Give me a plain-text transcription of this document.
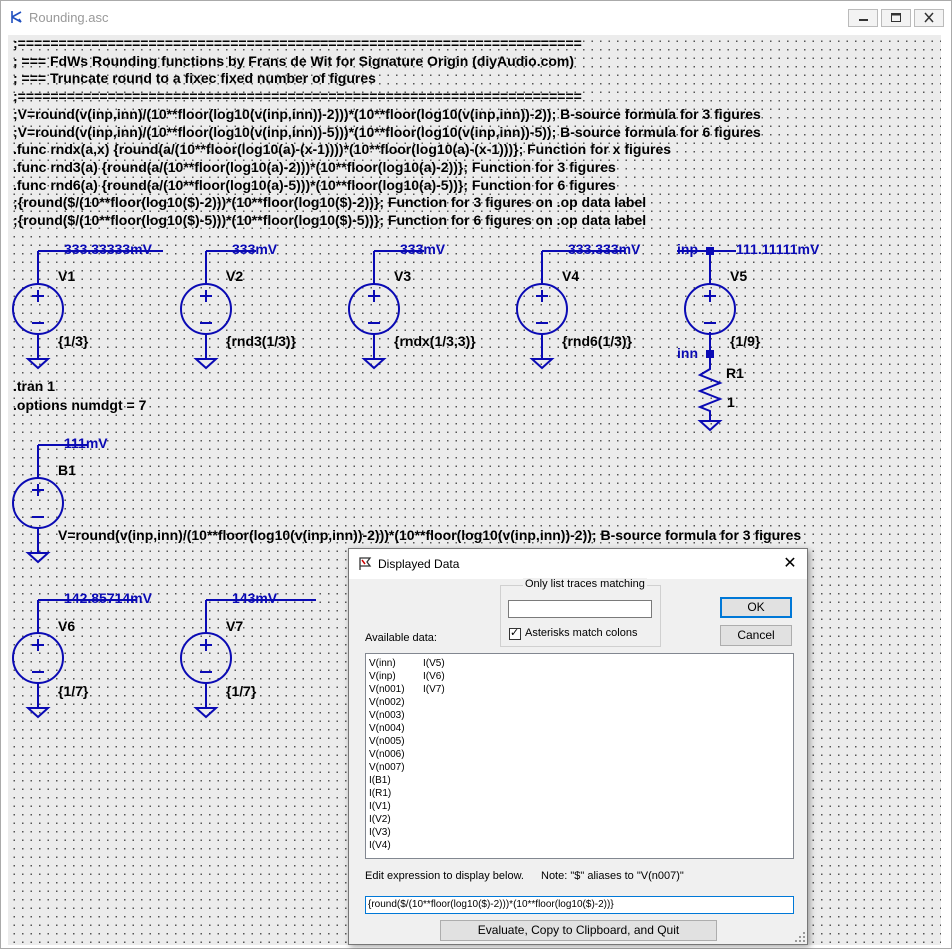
Rounding.asc
;=====================================================================
; === FdWs Rounding functions by Frans de Wit for Signature Origin (diyAudio.com)
; === Truncate round to a fixec fixed number of figures
;=====================================================================
;V=round(v(inp,inn)/(10**floor(log10(v(inp,inn))-2)))*(10**floor(log10(v(inp,inn))-2)); B-source formula for 3 figures
;V=round(v(inp,inn)/(10**floor(log10(v(inp,inn))-5)))*(10**floor(log10(v(inp,inn))-5)); B-source formula for 6 figures
.func rndx(a,x) {round(a/(10**floor(log10(a)-(x-1))))*(10**floor(log10(a)-(x-1)))}; Function for x figures
.func rnd3(a) {round(a/(10**floor(log10(a)-2)))*(10**floor(log10(a)-2))}; Function for 3 figures
.func rnd6(a) {round(a/(10**floor(log10(a)-5)))*(10**floor(log10(a)-5))}; Function for 6 figures
;{round($/(10**floor(log10($)-2)))*(10**floor(log10($)-2))}; Function for 3 figures on .op data label
;{round($/(10**floor(log10($)-5)))*(10**floor(log10($)-5))}; Function for 6 figures on .op data label
.tran 1
.options numdgt = 7
333.33333mV
V1
{1/3}
333mV
V2
{rnd3(1/3)}
333mV
V3
{rndx(1/3,3)}
333.333mV
V4
{rnd6(1/3)}
111.11111mV
V5
{1/9}
111mV
B1
V=round(v(inp,inn)/(10**floor(log10(v(inp,inn))-2)))*(10**floor(log10(v(inp,inn))-2)); B-source formula for 3 figures
142.85714mV
V6
{1/7}
143mV
V7
{1/7}
inp
inn
R1
1
Displayed Data	✕
Only list traces matching
✓ Asterisks match colons
OK
Cancel
Available data:
V(inn)
V(inp)
V(n001)
V(n002)
V(n003)
V(n004)
V(n005)
V(n006)
V(n007)
I(B1)
I(R1)
I(V1)
I(V2)
I(V3)
I(V4)
I(V5)
I(V6)
I(V7)
Edit expression to display below. Note: "$" aliases to "V(n007)"
{round($/(10**floor(log10($)-2)))*(10**floor(log10($)-2))}
Evaluate, Copy to Clipboard, and Quit
